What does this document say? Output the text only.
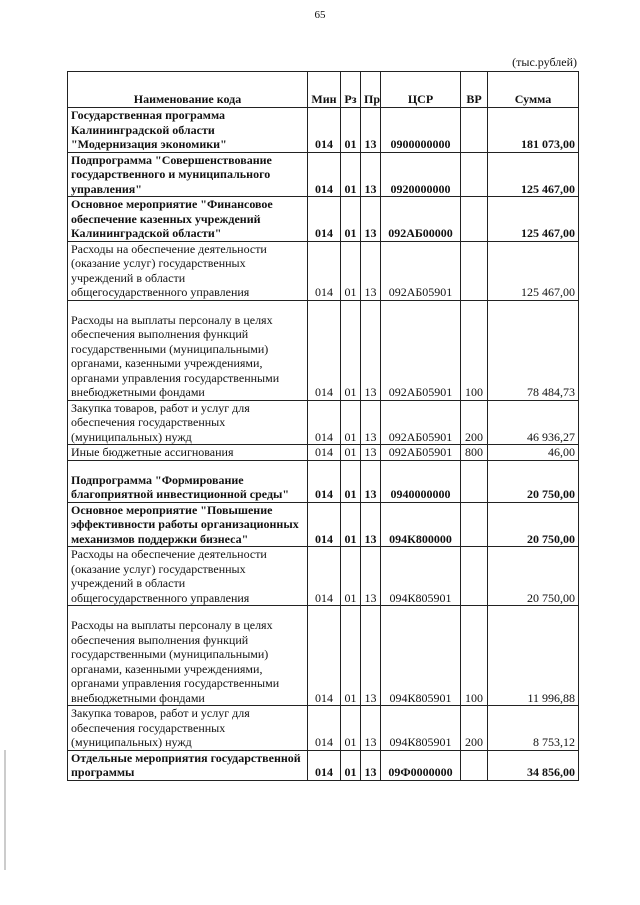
65
(тыс.рублей)
Наименование кода	Мин	Рз	Пр	ЦСР	ВР	Сумма
Государственная программа Калининградской области "Модернизация экономики"	014	01	13	0900000000		181 073,00
Подпрограмма "Совершенствование государственного и муниципального управления"	014	01	13	0920000000		125 467,00
Основное мероприятие "Финансовое обеспечение казенных учреждений Калининградской области"	014	01	13	092АБ00000		125 467,00
Расходы на обеспечение деятельности (оказание услуг) государственных учреждений в области общегосударственного управления	014	01	13	092АБ05901		125 467,00

Расходы на выплаты персоналу в целях обеспечения выполнения функций государственными (муниципальными) органами, казенными учреждениями, органами управления государственными внебюджетными фондами	014	01	13	092АБ05901	100	78 484,73
Закупка товаров, работ и услуг для обеспечения государственных (муниципальных) нужд	014	01	13	092АБ05901	200	46 936,27
Иные бюджетные ассигнования	014	01	13	092АБ05901	800	46,00

Подпрограмма "Формирование благоприятной инвестиционной среды"	014	01	13	0940000000		20 750,00
Основное мероприятие "Повышение эффективности работы организационных механизмов поддержки бизнеса"	014	01	13	094К800000		20 750,00
Расходы на обеспечение деятельности (оказание услуг) государственных учреждений в области общегосударственного управления	014	01	13	094К805901		20 750,00

Расходы на выплаты персоналу в целях обеспечения выполнения функций государственными (муниципальными) органами, казенными учреждениями, органами управления государственными внебюджетными фондами	014	01	13	094К805901	100	11 996,88
Закупка товаров, работ и услуг для обеспечения государственных (муниципальных) нужд	014	01	13	094К805901	200	8 753,12
Отдельные мероприятия государственной программы	014	01	13	09Ф0000000		34 856,00
